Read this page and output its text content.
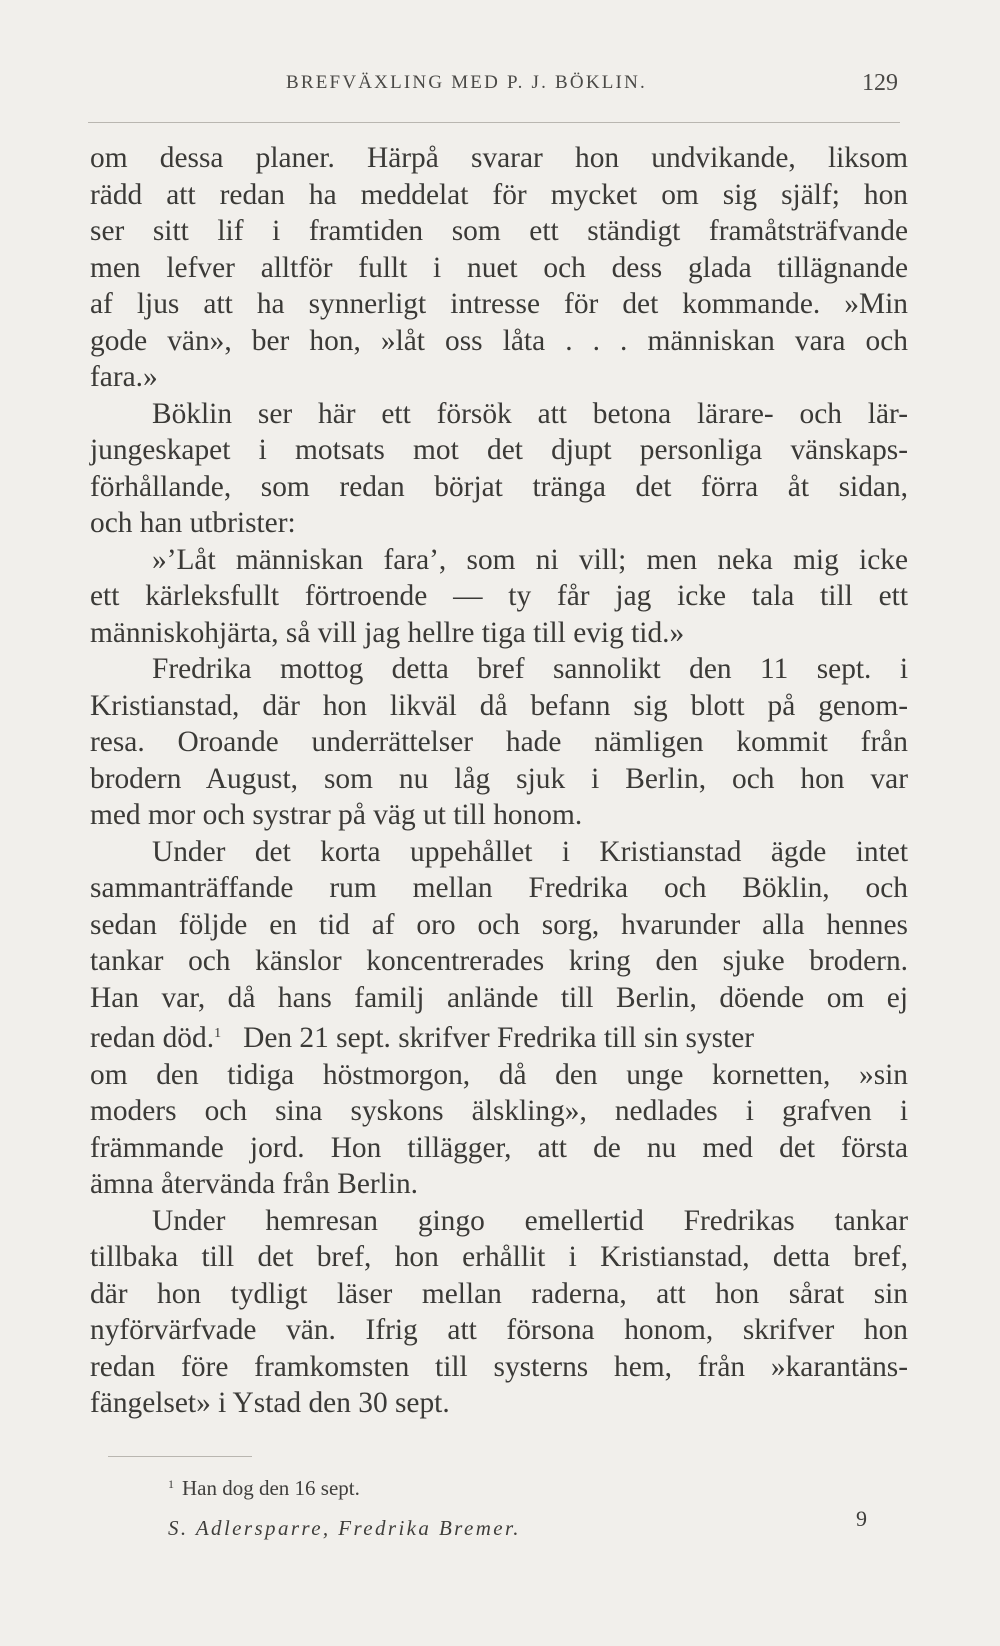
BREFVÄXLING MED P. J. BÖKLIN.	129
om dessa planer. Härpå svarar hon undvikande, liksom
rädd att redan ha meddelat för mycket om sig själf; hon
ser sitt lif i framtiden som ett ständigt framåtsträfvande
men lefver alltför fullt i nuet och dess glada tillägnande
af ljus att ha synnerligt intresse för det kommande. »Min
gode vän», ber hon, »låt oss låta . . . människan vara och
fara.»
Böklin ser här ett försök att betona lärare- och lär-
jungeskapet i motsats mot det djupt personliga vänskaps-
förhållande, som redan börjat tränga det förra åt sidan,
och han utbrister:
»’Låt människan fara’, som ni vill; men neka mig icke
ett kärleksfullt förtroende — ty får jag icke tala till ett
människohjärta, så vill jag hellre tiga till evig tid.»
Fredrika mottog detta bref sannolikt den 11 sept. i
Kristianstad, där hon likväl då befann sig blott på genom-
resa. Oroande underrättelser hade nämligen kommit från
brodern August, som nu låg sjuk i Berlin, och hon var
med mor och systrar på väg ut till honom.
Under det korta uppehållet i Kristianstad ägde intet
sammanträffande rum mellan Fredrika och Böklin, och
sedan följde en tid af oro och sorg, hvarunder alla hennes
tankar och känslor koncentrerades kring den sjuke brodern.
Han var, då hans familj anlände till Berlin, döende om ej
redan död.$^1$ Den 21 sept. skrifver Fredrika till sin syster
om den tidiga höstmorgon, då den unge kornetten, »sin
moders och sina syskons älskling», nedlades i grafven i
främmande jord. Hon tillägger, att de nu med det första
ämna återvända från Berlin.
Under hemresan gingo emellertid Fredrikas tankar
tillbaka till det bref, hon erhållit i Kristianstad, detta bref,
där hon tydligt läser mellan raderna, att hon sårat sin
nyförvärfvade vän. Ifrig att försona honom, skrifver hon
redan före framkomsten till systerns hem, från »karantäns-
fängelset» i Ystad den 30 sept.
$^1$ Han dog den 16 sept.
S. Adlersparre, Fredrika Bremer.	9
